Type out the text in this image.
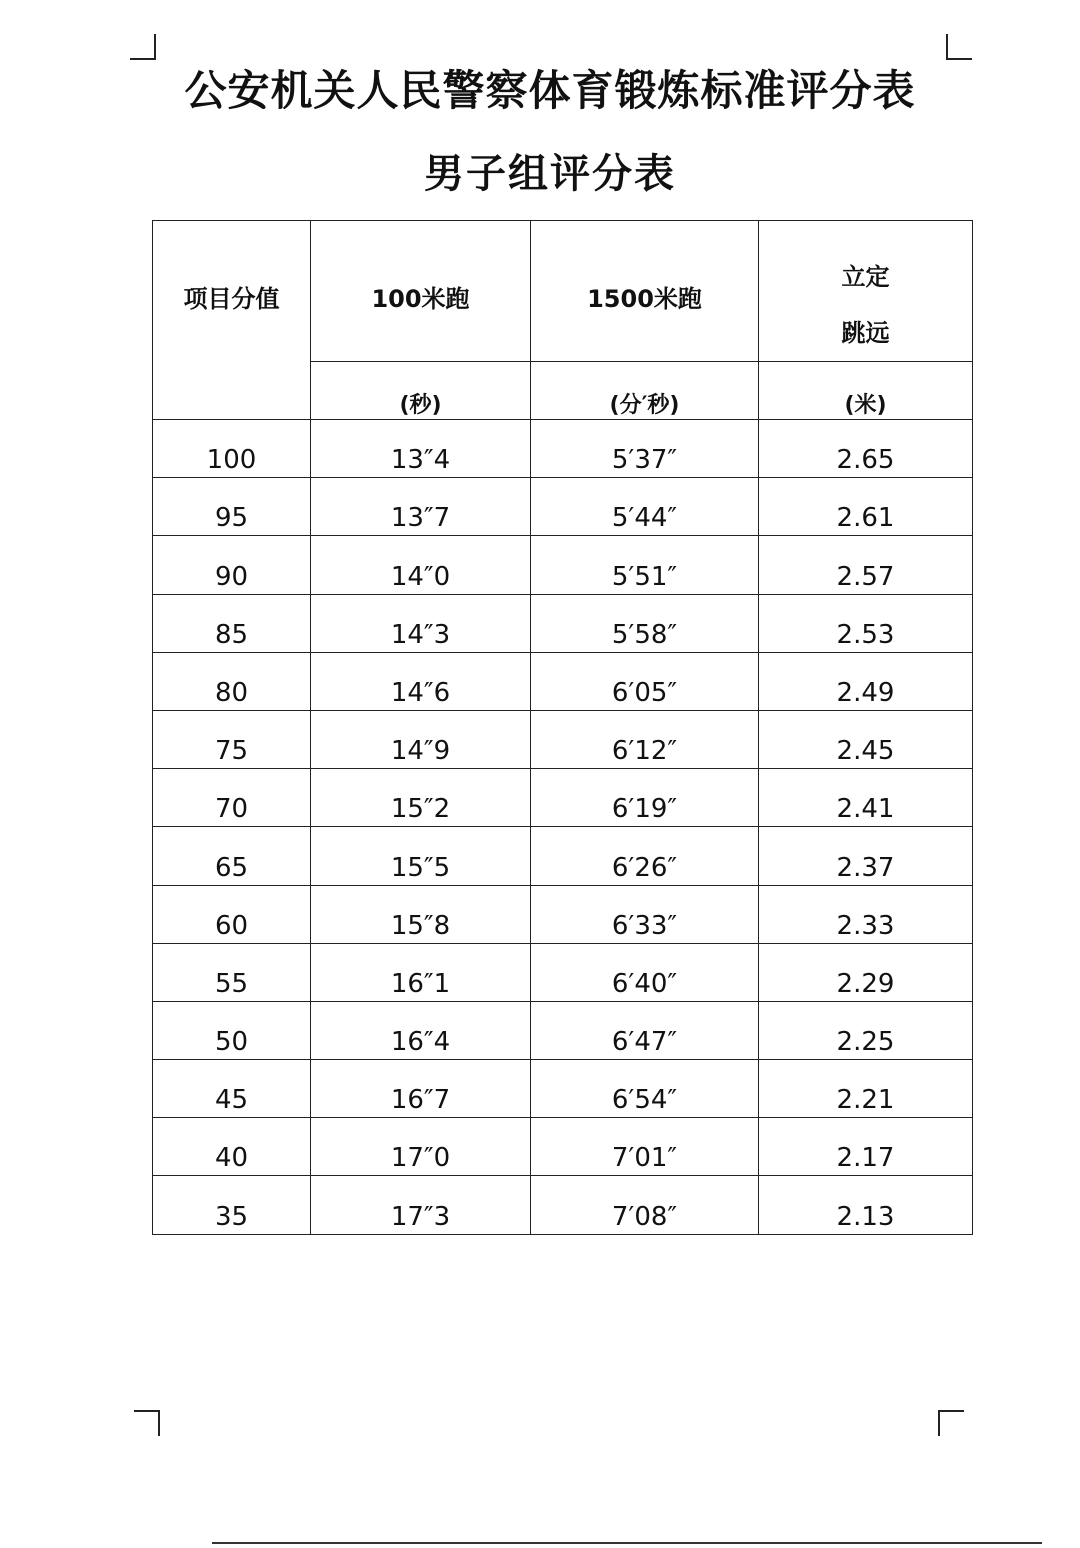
公安机关人民警察体育锻炼标准评分表
男子组评分表
项目分值	100米跑	1500米跑	立定
跳远

	(秒)	(分′秒)	(米)
100	13″4	5′37″	2.65
95	13″7	5′44″	2.61
90	14″0	5′51″	2.57
85	14″3	5′58″	2.53
80	14″6	6′05″	2.49
75	14″9	6′12″	2.45
70	15″2	6′19″	2.41
65	15″5	6′26″	2.37
60	15″8	6′33″	2.33
55	16″1	6′40″	2.29
50	16″4	6′47″	2.25
45	16″7	6′54″	2.21
40	17″0	7′01″	2.17
35	17″3	7′08″	2.13
